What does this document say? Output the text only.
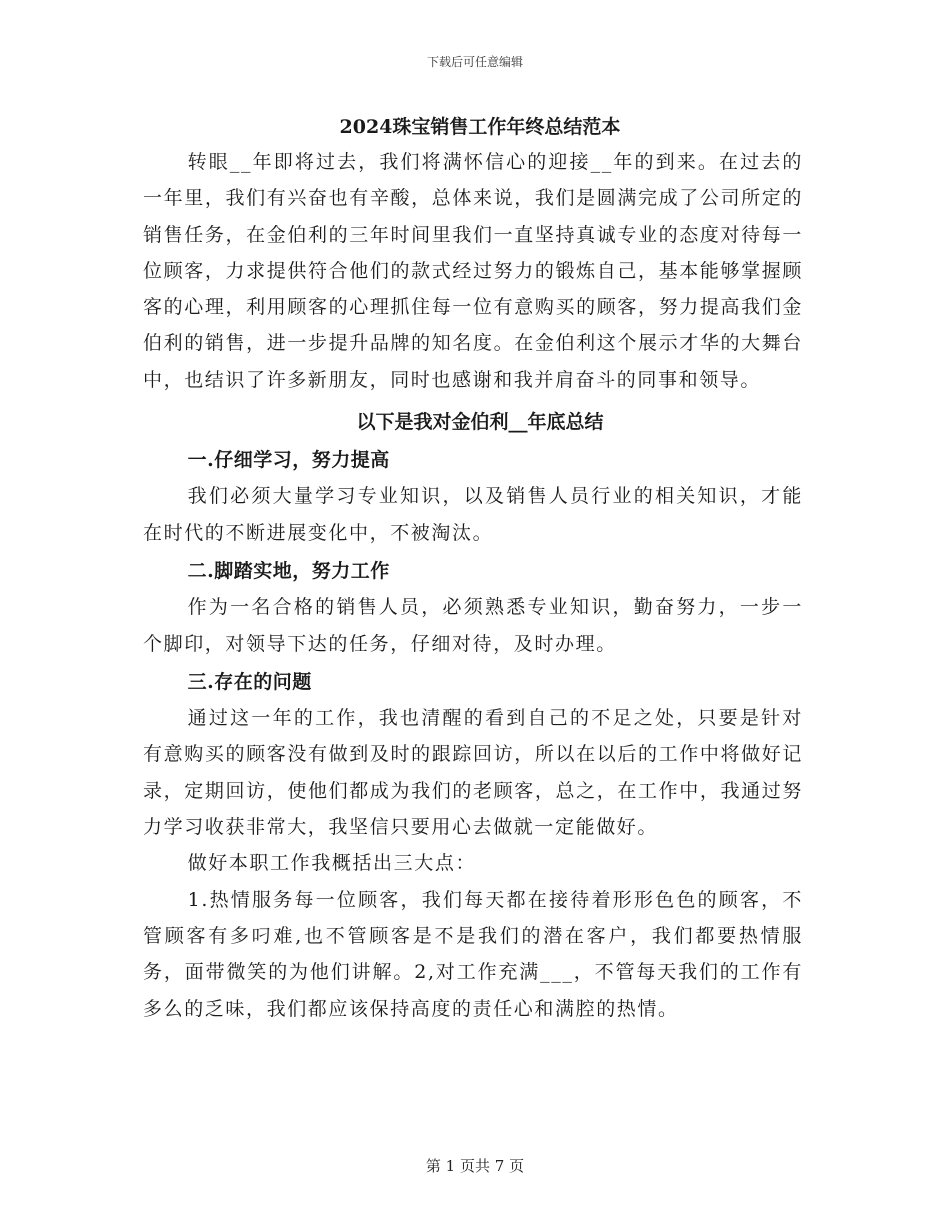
下载后可任意编辑
2024珠宝销售工作年终总结范本

转眼__年即将过去，我们将满怀信心的迎接__年的到来。在过去的一年里，我们有兴奋也有辛酸，总体来说，我们是圆满完成了公司所定的销售任务，在金伯利的三年时间里我们一直坚持真诚专业的态度对待每一位顾客，力求提供符合他们的款式经过努力的锻炼自己，基本能够掌握顾客的心理，利用顾客的心理抓住每一位有意购买的顾客，努力提高我们金伯利的销售，进一步提升品牌的知名度。在金伯利这个展示才华的大舞台中，也结识了许多新朋友，同时也感谢和我并肩奋斗的同事和领导。

以下是我对金伯利__年底总结
一.仔细学习，努力提高

我们必须大量学习专业知识，以及销售人员行业的相关知识，才能在时代的不断进展变化中，不被淘汰。

二.脚踏实地，努力工作

作为一名合格的销售人员，必须熟悉专业知识，勤奋努力，一步一个脚印，对领导下达的任务，仔细对待，及时办理。

三.存在的问题

通过这一年的工作，我也清醒的看到自己的不足之处，只要是针对有意购买的顾客没有做到及时的跟踪回访，所以在以后的工作中将做好记录，定期回访，使他们都成为我们的老顾客，总之，在工作中，我通过努力学习收获非常大，我坚信只要用心去做就一定能做好。

做好本职工作我概括出三大点：

1.热情服务每一位顾客，我们每天都在接待着形形色色的顾客，不管顾客有多叼难,也不管顾客是不是我们的潜在客户，我们都要热情服务，面带微笑的为他们讲解。2,对工作充满___，不管每天我们的工作有多么的乏味，我们都应该保持高度的责任心和满腔的热情。

第 1 页共 7 页
